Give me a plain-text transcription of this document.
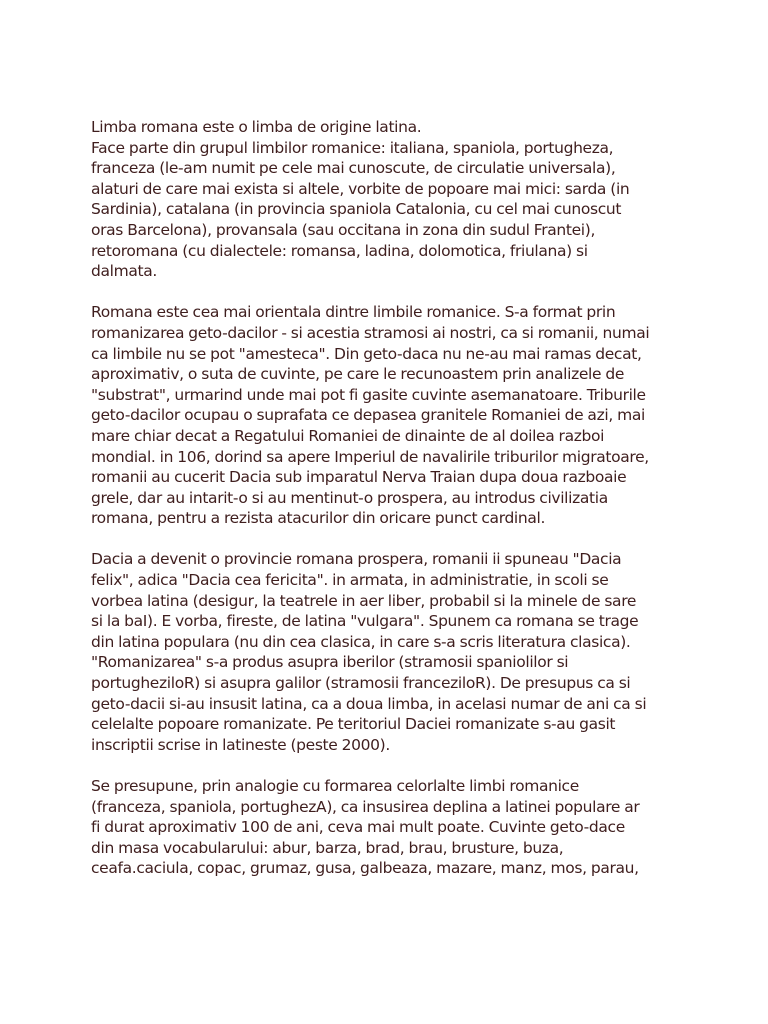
Limba romana este o limba de origine latina.
Face parte din grupul limbilor romanice: italiana, spaniola, portugheza,
franceza (le-am numit pe cele mai cunoscute, de circulatie universala),
alaturi de care mai exista si altele, vorbite de popoare mai mici: sarda (in
Sardinia), catalana (in provincia spaniola Catalonia, cu cel mai cunoscut
oras Barcelona), provansala (sau occitana in zona din sudul Frantei),
retoromana (cu dialectele: romansa, ladina, dolomotica, friulana) si
dalmata.
Romana este cea mai orientala dintre limbile romanice. S-a format prin
romanizarea geto-dacilor - si acestia stramosi ai nostri, ca si romanii, numai
ca limbile nu se pot "amesteca". Din geto-daca nu ne-au mai ramas decat,
aproximativ, o suta de cuvinte, pe care le recunoastem prin analizele de
"substrat", urmarind unde mai pot fi gasite cuvinte asemanatoare. Triburile
geto-dacilor ocupau o suprafata ce depasea granitele Romaniei de azi, mai
mare chiar decat a Regatului Romaniei de dinainte de al doilea razboi
mondial. in 106, dorind sa apere Imperiul de navalirile triburilor migratoare,
romanii au cucerit Dacia sub imparatul Nerva Traian dupa doua razboaie
grele, dar au intarit-o si au mentinut-o prospera, au introdus civilizatia
romana, pentru a rezista atacurilor din oricare punct cardinal.
Dacia a devenit o provincie romana prospera, romanii ii spuneau "Dacia
felix", adica "Dacia cea fericita". in armata, in administratie, in scoli se
vorbea latina (desigur, la teatrele in aer liber, probabil si la minele de sare
si la baI). E vorba, fireste, de latina "vulgara". Spunem ca romana se trage
din latina populara (nu din cea clasica, in care s-a scris literatura clasica).
"Romanizarea" s-a produs asupra iberilor (stramosii spaniolilor si
portugheziloR) si asupra galilor (stramosii franceziloR). De presupus ca si
geto-dacii si-au insusit latina, ca a doua limba, in acelasi numar de ani ca si
celelalte popoare romanizate. Pe teritoriul Daciei romanizate s-au gasit
inscriptii scrise in latineste (peste 2000).
Se presupune, prin analogie cu formarea celorlalte limbi romanice
(franceza, spaniola, portughezA), ca insusirea deplina a latinei populare ar
fi durat aproximativ 100 de ani, ceva mai mult poate. Cuvinte geto-dace
din masa vocabularului: abur, barza, brad, brau, brusture, buza,
ceafa.caciula, copac, grumaz, gusa, galbeaza, mazare, manz, mos, parau,
